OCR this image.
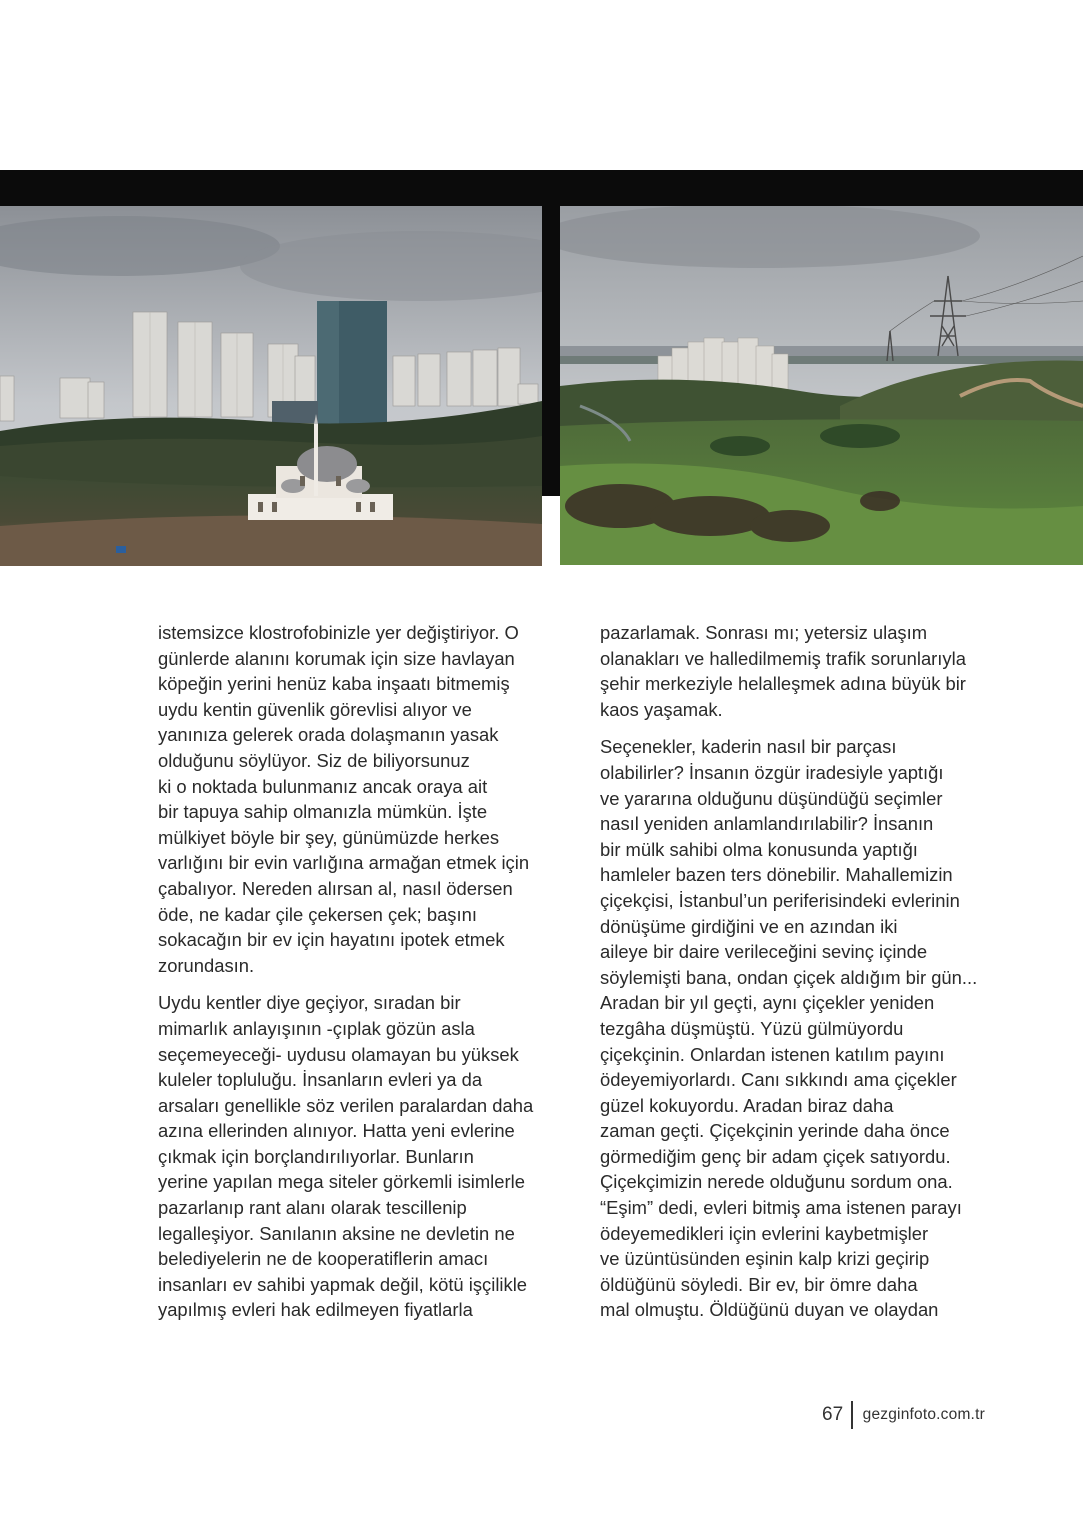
istemsizce klostrofobinizle yer değiştiriyor. O
günlerde alanını korumak için size havlayan
köpeğin yerini henüz kaba inşaatı bitmemiş
uydu kentin güvenlik görevlisi alıyor ve
yanınıza gelerek orada dolaşmanın yasak
olduğunu söylüyor. Siz de biliyorsunuz
ki o noktada bulunmanız ancak oraya ait
bir tapuya sahip olmanızla mümkün. İşte
mülkiyet böyle bir şey, günümüzde herkes
varlığını bir evin varlığına armağan etmek için
çabalıyor. Nereden alırsan al, nasıl ödersen
öde, ne kadar çile çekersen çek; başını
sokacağın bir ev için hayatını ipotek etmek
zorundasın.

Uydu kentler diye geçiyor, sıradan bir
mimarlık anlayışının -çıplak gözün asla
seçemeyeceği- uydusu olamayan bu yüksek
kuleler topluluğu. İnsanların evleri ya da
arsaları genellikle söz verilen paralardan daha
azına ellerinden alınıyor. Hatta yeni evlerine
çıkmak için borçlandırılıyorlar. Bunların
yerine yapılan mega siteler görkemli isimlerle
pazarlanıp rant alanı olarak tescillenip
legalleşiyor. Sanılanın aksine ne devletin ne
belediyelerin ne de kooperatiflerin amacı
insanları ev sahibi yapmak değil, kötü işçilikle
yapılmış evleri hak edilmeyen fiyatlarla

pazarlamak. Sonrası mı; yetersiz ulaşım
olanakları ve halledilmemiş trafik sorunlarıyla
şehir merkeziyle helalleşmek adına büyük bir
kaos yaşamak.

Seçenekler, kaderin nasıl bir parçası
olabilirler? İnsanın özgür iradesiyle yaptığı
ve yararına olduğunu düşündüğü seçimler
nasıl yeniden anlamlandırılabilir? İnsanın
bir mülk sahibi olma konusunda yaptığı
hamleler bazen ters dönebilir. Mahallemizin
çiçekçisi, İstanbul’un periferisindeki evlerinin
dönüşüme girdiğini ve en azından iki
aileye bir daire verileceğini sevinç içinde
söylemişti bana, ondan çiçek aldığım bir gün...
Aradan bir yıl geçti, aynı çiçekler yeniden
tezgâha düşmüştü. Yüzü gülmüyordu
çiçekçinin. Onlardan istenen katılım payını
ödeyemiyorlardı. Canı sıkkındı ama çiçekler
güzel kokuyordu. Aradan biraz daha
zaman geçti. Çiçekçinin yerinde daha önce
görmediğim genç bir adam çiçek satıyordu.
Çiçekçimizin nerede olduğunu sordum ona.
“Eşim” dedi, evleri bitmiş ama istenen parayı
ödeyemedikleri için evlerini kaybetmişler
ve üzüntüsünden eşinin kalp krizi geçirip
öldüğünü söyledi. Bir ev, bir ömre daha
mal olmuştu. Öldüğünü duyan ve olaydan

67 gezginfoto.com.tr
